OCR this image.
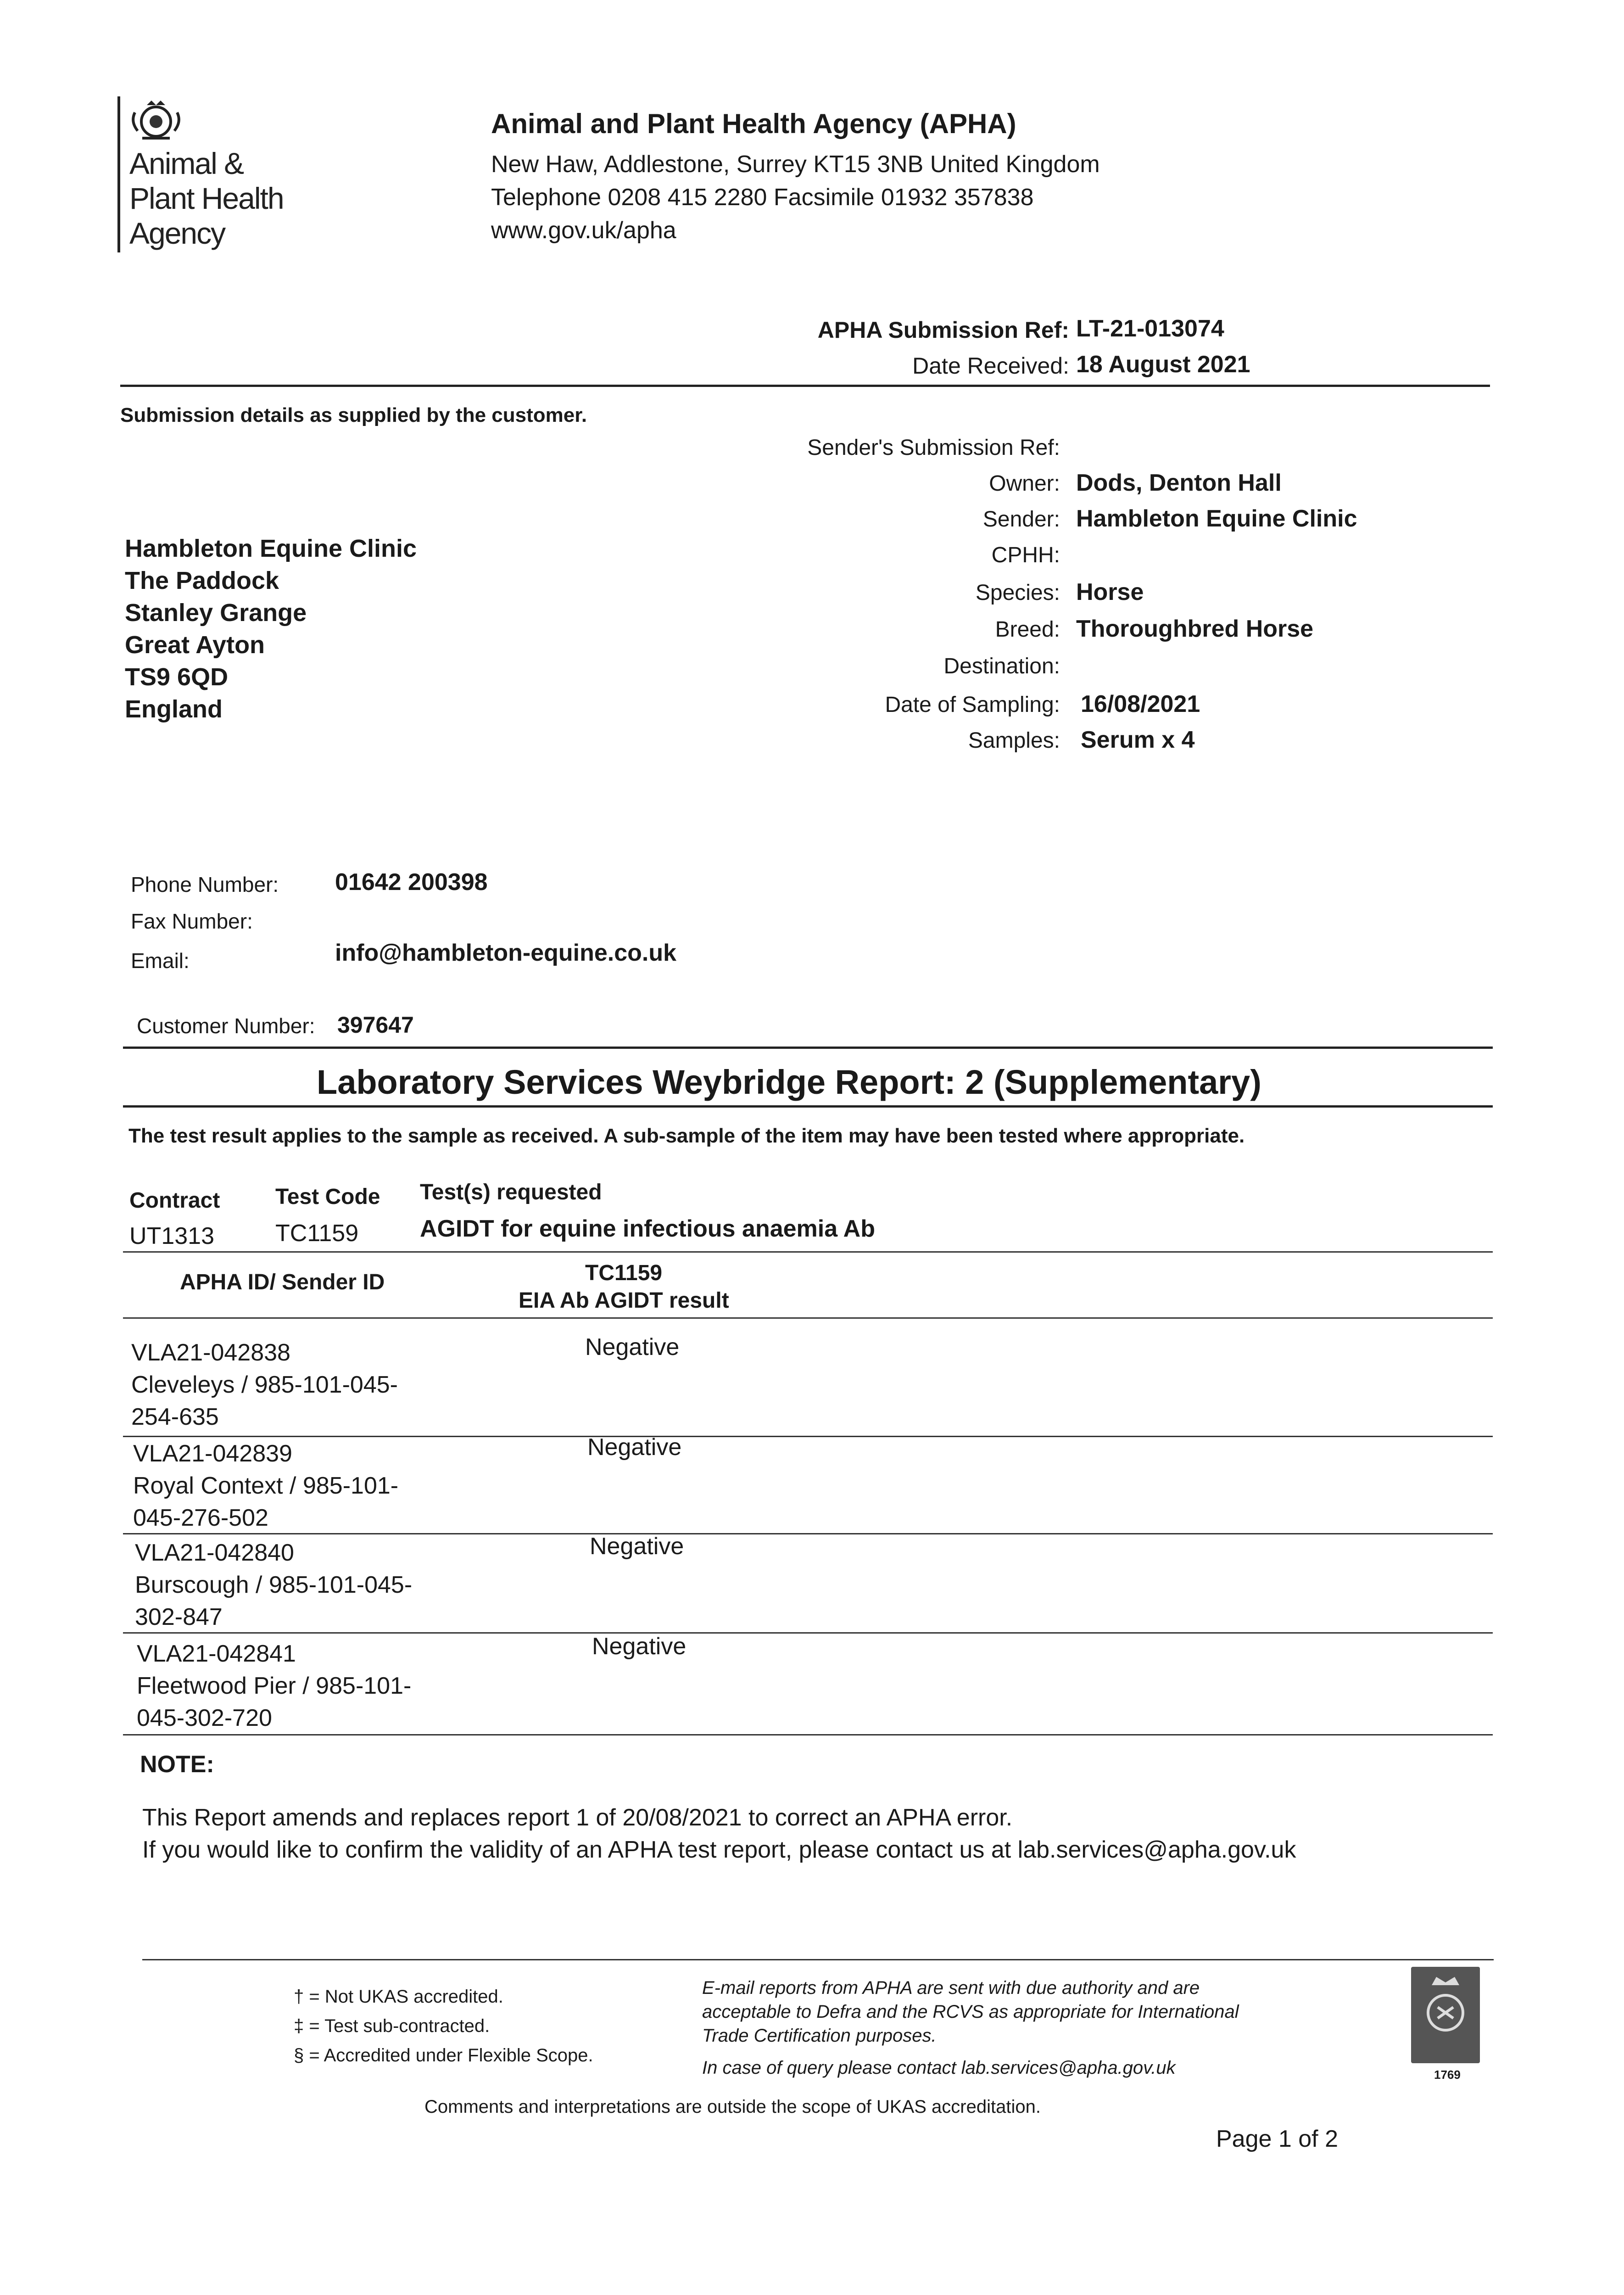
Animal &
Plant Health
Agency
Animal and Plant Health Agency (APHA)
New Haw, Addlestone, Surrey KT15 3NB United Kingdom
Telephone 0208 415 2280 Facsimile 01932 357838
www.gov.uk/apha
APHA Submission Ref: LT-21-013074
Date Received: 18 August 2021
Submission details as supplied by the customer.
Sender's Submission Ref:
Owner: Dods, Denton Hall
Sender: Hambleton Equine Clinic
CPHH:
Species: Horse
Breed: Thoroughbred Horse
Destination:
Date of Sampling: 16/08/2021
Samples: Serum x 4
Hambleton Equine Clinic
The Paddock
Stanley Grange
Great Ayton
TS9 6QD
England
Phone Number: 01642 200398
Fax Number:
Email:	info@hambleton-equine.co.uk
Customer Number: 397647
Laboratory Services Weybridge Report: 2 (Supplementary)
The test result applies to the sample as received. A sub-sample of the item may have been tested where appropriate.
Contract	Test Code Test(s) requested
UT1313	TC1159	AGIDT for equine infectious anaemia Ab
APHA ID/ Sender ID	TC1159
EIA Ab AGIDT result
VLA21-042838
Cleveleys / 985-101-045-
254-635
Negative
VLA21-042839
Royal Context / 985-101-
045-276-502
Negative
VLA21-042840
Burscough / 985-101-045-
302-847
Negative
VLA21-042841
Fleetwood Pier / 985-101-
045-302-720
Negative
NOTE:
This Report amends and replaces report 1 of 20/08/2021 to correct an APHA error.
If you would like to confirm the validity of an APHA test report, please contact us at lab.services@apha.gov.uk
† = Not UKAS accredited.
‡ = Test sub-contracted.
§ = Accredited under Flexible Scope.
E-mail reports from APHA are sent with due authority and are
acceptable to Defra and the RCVS as appropriate for International
Trade Certification purposes.
In case of query please contact lab.services@apha.gov.uk	1769
Comments and interpretations are outside the scope of UKAS accreditation.
Page 1 of 2
